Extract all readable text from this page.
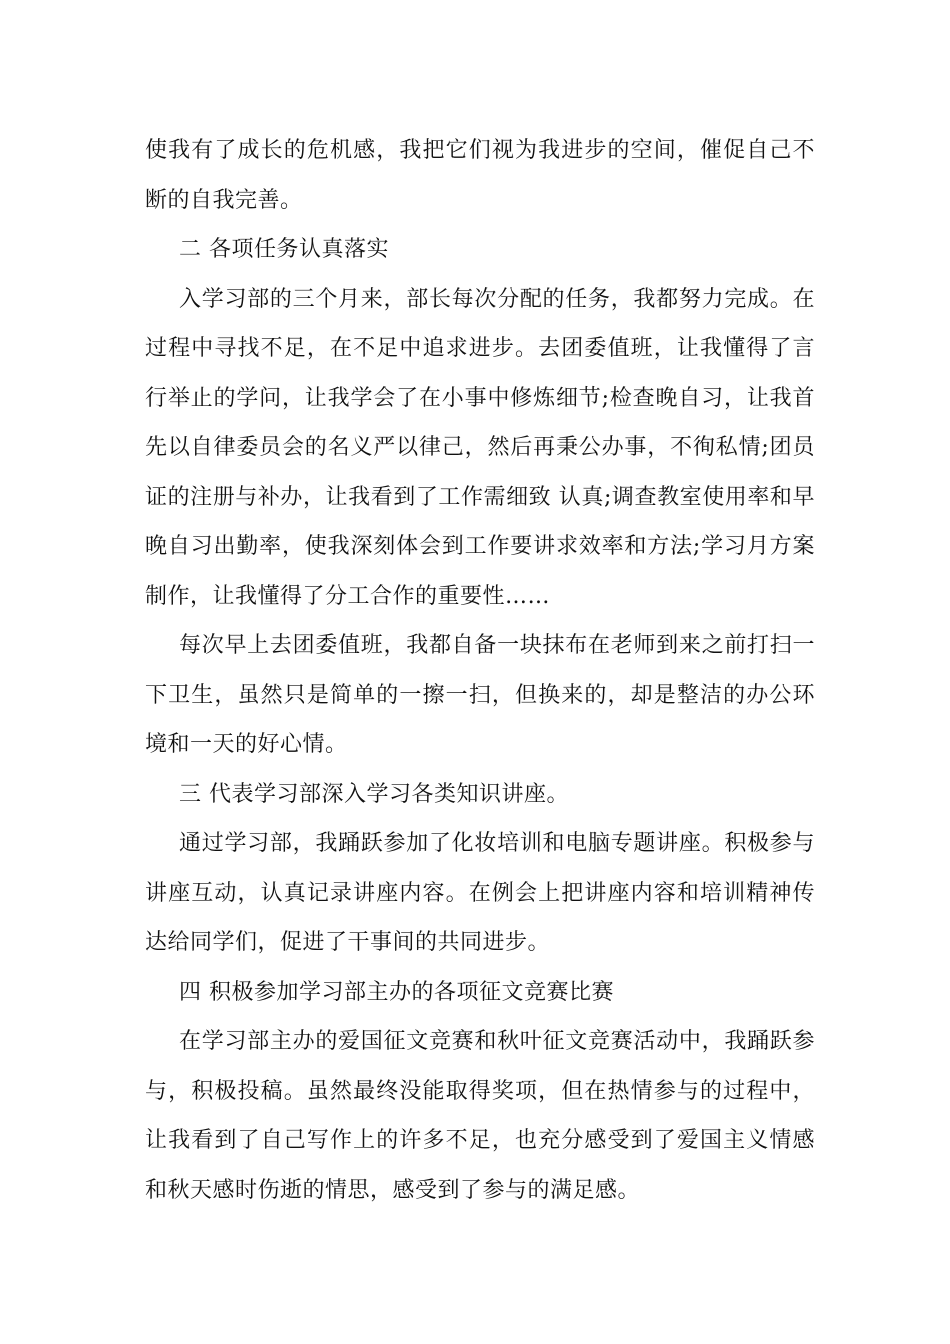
使我有了成长的危机感，我把它们视为我进步的空间，催促自己不断的自我完善。

二 各项任务认真落实

入学习部的三个月来，部长每次分配的任务，我都努力完成。在过程中寻找不足，在不足中追求进步。去团委值班，让我懂得了言行举止的学问，让我学会了在小事中修炼细节;检查晚自习，让我首先以自律委员会的名义严以律己，然后再秉公办事，不徇私情;团员证的注册与补办，让我看到了工作需细致 认真;调查教室使用率和早晚自习出勤率，使我深刻体会到工作要讲求效率和方法;学习月方案制作，让我懂得了分工合作的重要性……

每次早上去团委值班，我都自备一块抹布在老师到来之前打扫一下卫生，虽然只是简单的一擦一扫，但换来的，却是整洁的办公环境和一天的好心情。

三 代表学习部深入学习各类知识讲座。

通过学习部，我踊跃参加了化妆培训和电脑专题讲座。积极参与讲座互动，认真记录讲座内容。在例会上把讲座内容和培训精神传达给同学们，促进了干事间的共同进步。

四 积极参加学习部主办的各项征文竞赛比赛

在学习部主办的爱国征文竞赛和秋叶征文竞赛活动中，我踊跃参与，积极投稿。虽然最终没能取得奖项，但在热情参与的过程中，让我看到了自己写作上的许多不足，也充分感受到了爱国主义情感和秋天感时伤逝的情思，感受到了参与的满足感。
